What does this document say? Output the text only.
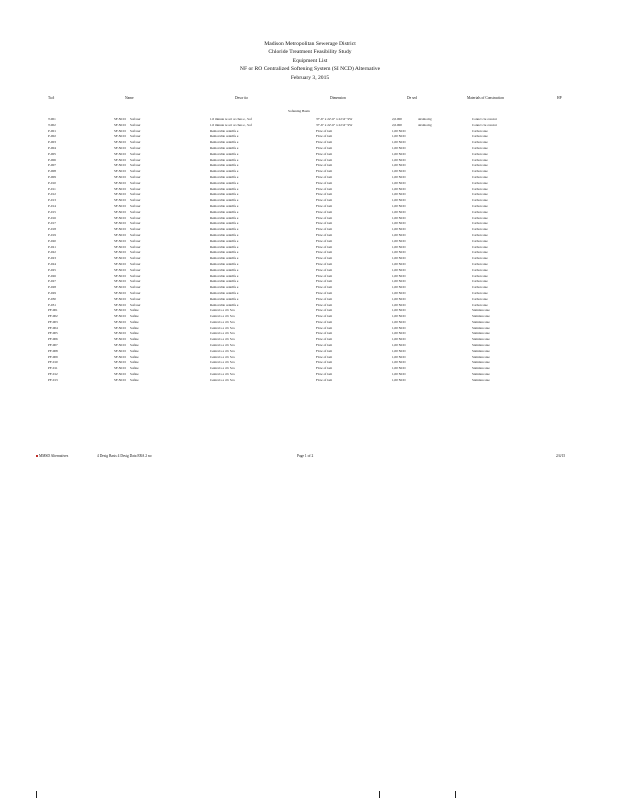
Madison Metropolitan Sewerage District
Chloride Treatment Feasibility Study
Equipment List
NF or RO Centralized Softening System (SI NCD) Alternative
February 3, 2015
Ta #	Name	Descr tio	Dimension	De sed	Materials of Construction	HP
Softening Basin
T-001	SF-NCD Soft ner	1.0 minute re act or ches e , Sof	37'-6" x 22'-6" x 22'-6" SW	2,0.000	alrsms mg	Conncr cte concret
T-002	SF-NCD Soft ner	1.0 minute re act or ches e , Sof	37'-6" x 22'-6" x 22'-6" SW	2,0.000	alrsms mg	Conncr cte concret
P-001	SF-NCD Soft ner	Removable centrifu e	Flow of Gm	1,00 NCD	Carbon stee
P-002	SF-NCD Soft ner	Removable centrifu e	Flow of Gm	1,00 NCD	Carbon stee
P-003	SF-NCD Soft ner	Removable centrifu e	Flow of Gm	1,00 NCD	Carbon stee
P-004	SF-NCD Soft ner	Removable centrifu e	Flow of Gm	1,00 NCD	Carbon stee
P-005	SF-NCD Soft ner	Removable centrifu e	Flow of Gm	1,00 NCD	Carbon stee
P-006	SF-NCD Soft ner	Removable centrifu e	Flow of Gm	1,00 NCD	Carbon stee
P-007	SF-NCD Soft ner	Removable centrifu e	Flow of Gm	1,00 NCD	Carbon stee
P-008	SF-NCD Soft ner	Removable centrifu e	Flow of Gm	1,00 NCD	Carbon stee
P-009	SF-NCD Soft ner	Removable centrifu e	Flow of Gm	1,00 NCD	Carbon stee
P-010	SF-NCD Soft ner	Removable centrifu e	Flow of Gm	1,00 NCD	Carbon stee
P-011	SF-NCD Soft ner	Removable centrifu e	Flow of Gm	1,00 NCD	Carbon stee
P-012	SF-NCD Soft ner	Removable centrifu e	Flow of Gm	1,00 NCD	Carbon stee
P-013	SF-NCD Soft ner	Removable centrifu e	Flow of Gm	1,00 NCD	Carbon stee
P-014	SF-NCD Soft ner	Removable centrifu e	Flow of Gm	1,00 NCD	Carbon stee
P-015	SF-NCD Soft ner	Removable centrifu e	Flow of Gm	1,00 NCD	Carbon stee
P-016	SF-NCD Soft ner	Removable centrifu e	Flow of Gm	1,00 NCD	Carbon stee
P-017	SF-NCD Soft ner	Removable centrifu e	Flow of Gm	1,00 NCD	Carbon stee
P-018	SF-NCD Soft ner	Removable centrifu e	Flow of Gm	1,00 NCD	Carbon stee
P-019	SF-NCD Soft ner	Removable centrifu e	Flow of Gm	1,00 NCD	Carbon stee
P-020	SF-NCD Soft ner	Removable centrifu e	Flow of Gm	1,00 NCD	Carbon stee
P-021	SF-NCD Soft ner	Removable centrifu e	Flow of Gm	1,00 NCD	Carbon stee
P-022	SF-NCD Soft ner	Removable centrifu e	Flow of Gm	1,00 NCD	Carbon stee
P-023	SF-NCD Soft ner	Removable centrifu e	Flow of Gm	1,00 NCD	Carbon stee
P-024	SF-NCD Soft ner	Removable centrifu e	Flow of Gm	1,00 NCD	Carbon stee
P-025	SF-NCD Soft ner	Removable centrifu e	Flow of Gm	1,00 NCD	Carbon stee
P-026	SF-NCD Soft ner	Removable centrifu e	Flow of Gm	1,00 NCD	Carbon stee
P-027	SF-NCD Soft ner	Removable centrifu e	Flow of Gm	1,00 NCD	Carbon stee
P-028	SF-NCD Soft ner	Removable centrifu e	Flow of Gm	1,00 NCD	Carbon stee
P-029	SF-NCD Soft ner	Removable centrifu e	Flow of Gm	1,00 NCD	Carbon stee
P-030	SF-NCD Soft ner	Removable centrifu e	Flow of Gm	1,00 NCD	Carbon stee
P-031	SF-NCD Soft ner	Removable centrifu e	Flow of Gm	1,00 NCD	Carbon stee
PF-001	SF-NCD Softne	Central s e d b Sca	Flow of Gm	1,00 NCD	Stainless stee
PF-002	SF-NCD Softne	Central s e d b Sca	Flow of Gm	1,00 NCD	Stainless stee
PF-003	SF-NCD Softne	Central s e d b Sca	Flow of Gm	1,00 NCD	Stainless stee
PF-004	SF-NCD Softne	Central s e d b Sca	Flow of Gm	1,00 NCD	Stainless stee
PF-005	SF-NCD Softne	Central s e d b Sca	Flow of Gm	1,00 NCD	Stainless stee
PF-006	SF-NCD Softne	Central s e d b Sca	Flow of Gm	1,00 NCD	Stainless stee
PF-007	SF-NCD Softne	Central s e d b Sca	Flow of Gm	1,00 NCD	Stainless stee
PF-008	SF-NCD Softne	Central s e d b Sca	Flow of Gm	1,00 NCD	Stainless stee
PF-009	SF-NCD Softne	Central s e d b Sca	Flow of Gm	1,00 NCD	Stainless stee
PF-010	SF-NCD Softne	Central s e d b Sca	Flow of Gm	1,00 NCD	Stainless stee
PF-011	SF-NCD Softne	Central s e d b Sca	Flow of Gm	1,00 NCD	Stainless stee
PF-012	SF-NCD Softne	Central s e d b Sca	Flow of Gm	1,00 NCD	Stainless stee
PF-013	SF-NCD Softne	Central s e d b Sca	Flow of Gm	1,00 NCD	Stainless stee
MMSD Alternatives	4 Desig Basis 4 Desig Data ERA 2 no	Page 1 of 2	2/4/15
